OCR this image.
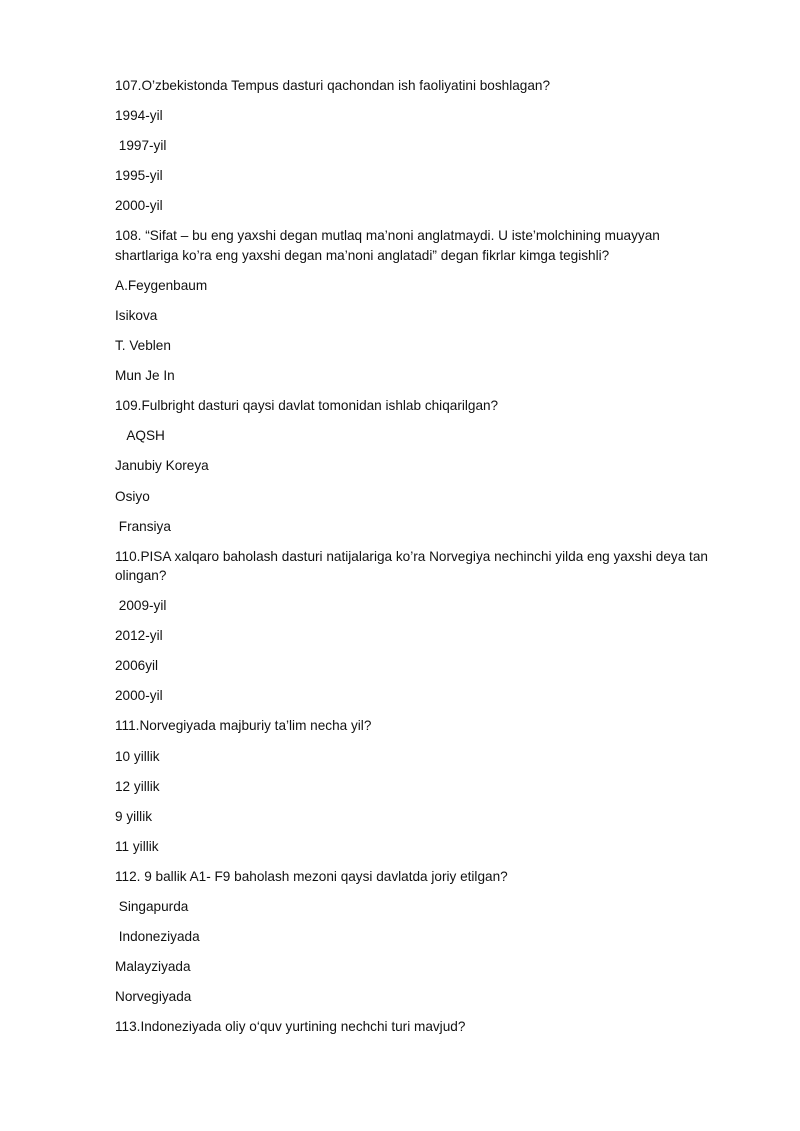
107.O’zbekistonda Tempus dasturi qachondan ish faoliyatini boshlagan?
1994-yil
1997-yil
1995-yil
2000-yil
108. “Sifat – bu eng yaxshi degan mutlaq ma’noni anglatmaydi. U iste’molchining muayyan shartlariga ko’ra eng yaxshi degan ma’noni anglatadi” degan fikrlar kimga tegishli?
A.Feygenbaum
Isikova
T. Veblen
Mun Je In
109.Fulbright dasturi qaysi davlat tomonidan ishlab chiqarilgan?
AQSH
Janubiy Koreya
Osiyo
Fransiya
110.PISA xalqaro baholash dasturi natijalariga ko’ra Norvegiya nechinchi yilda eng yaxshi deya tan olingan?
2009-yil
2012-yil
2006yil
2000-yil
111.Norvegiyada majburiy ta’lim necha yil?
10 yillik
12 yillik
9 yillik
11 yillik
112. 9 ballik A1- F9 baholash mezoni qaysi davlatda joriy etilgan?
Singapurda
Indoneziyada
Malayziyada
Norvegiyada
113.Indoneziyada oliy o‘quv yurtining nechchi turi mavjud?
